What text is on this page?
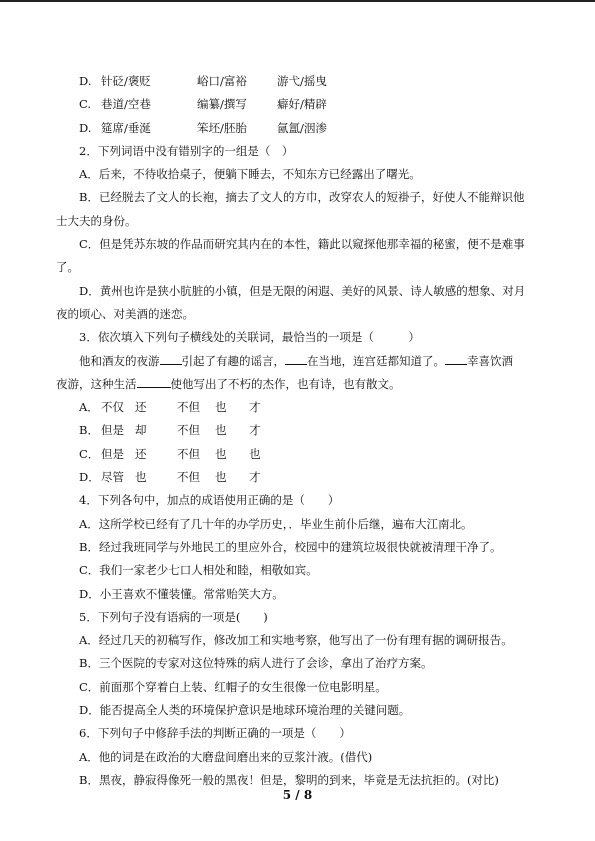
D. 针砭/褒贬	峪口/富裕	游弋/摇曳
C. 巷道/空巷	编纂/撰写	癖好/精辟
D. 筵席/垂涎	笨坯/胚胎	氤氲/洇渗
2．下列词语中没有错别字的一组是（　）
A．后来，不待收拾桌子，便躺下睡去，不知东方已经露出了曙光。
B．已经脱去了文人的长袍，摘去了文人的方巾，改穿农人的短褂子，好使人不能辩识他
士大夫的身份。
C．但是凭苏东坡的作品而研究其内在的本性，籍此以窥探他那幸福的秘蜜，便不是难事
了。
D．黄州也许是狭小肮脏的小镇，但是无限的闲遐、美好的风景、诗人敏感的想象、对月
夜的顷心、对美酒的迷恋。
3．依次填入下列句子横线处的关联词，最恰当的一项是（　　　）
他和酒友的夜游 引起了有趣的谣言， 在当地，连宫廷都知道了。 幸喜饮酒
夜游，这种生活	使他写出了不朽的杰作，也有诗，也有散文。
A． 不仅 还	不但 也 才
B． 但是 却	不但 也 才
C． 但是 还	不但 也 也
D．尽管 也	不但 也 才
4．下列各句中，加点的成语使用正确的是（　　）
A．这所学校已经有了几十年的办学历史，．毕业生前仆后继，遍布大江南北。
B．经过我班同学与外地民工的里应外合，校园中的建筑垃圾很快就被清理干净了。
C．我们一家老少七口人相处和睦，相敬如宾。
D．小王喜欢不懂装懂。常常贻笑大方。
5．下列句子没有语病的一项是(　　)
A．经过几天的初稿写作，修改加工和实地考察，他写出了一份有理有据的调研报告。
B．三个医院的专家对这位特殊的病人进行了会诊，拿出了治疗方案。
C．前面那个穿着白上装、红帽子的女生很像一位电影明星。
D．能否提高全人类的环境保护意识是地球环境治理的关键问题。
6．下列句子中修辞手法的判断正确的一项是（　　）
A．他的词是在政治的大磨盘间磨出来的豆浆汁液。(借代)
B．黑夜，静寂得像死一般的黑夜！但是，黎明的到来，毕竟是无法抗拒的。(对比)
5 / 8
